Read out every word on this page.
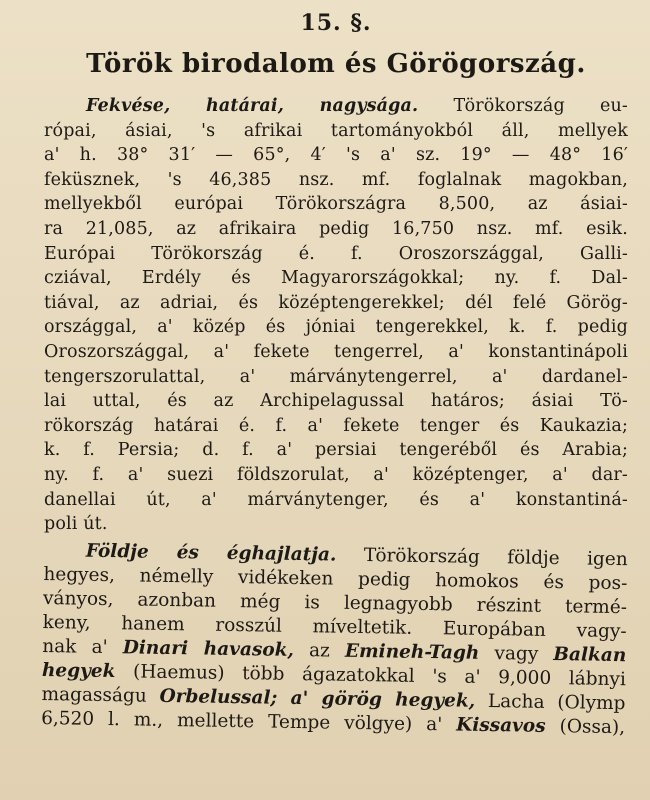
15. §.
Török birodalom és Görögország.
Fekvése, határai, nagysága. Törökország eu-
rópai, ásiai, 's afrikai tartományokból áll, mellyek
a' h. 38° 31′ — 65°, 4′ 's a' sz. 19° — 48° 16′
feküsznek, 's 46,385 nsz. mf. foglalnak magokban,
mellyekből európai Törökországra 8,500, az ásiai-
ra 21,085, az afrikaira pedig 16,750 nsz. mf. esik.
Európai Törökország é. f. Oroszországgal, Galli-
cziával, Erdély és Magyarországokkal; ny. f. Dal-
tiával, az adriai, és középtengerekkel; dél felé Görög-
országgal, a' közép és jóniai tengerekkel, k. f. pedig
Oroszországgal, a' fekete tengerrel, a' konstantinápoli
tengerszorulattal, a' márványtengerrel, a' dardanel-
lai uttal, és az Archipelagussal határos; ásiai Tö-
rökország határai é. f. a' fekete tenger és Kaukazia;
k. f. Persia; d. f. a' persiai tengeréből és Arabia;
ny. f. a' suezi földszorulat, a' középtenger, a' dar-
danellai út, a' márványtenger, és a' konstantiná-
poli út.
Földje és éghajlatja. Törökország földje igen
hegyes, némelly vidékeken pedig homokos és pos-
ványos, azonban még is legnagyobb részint termé-
keny, hanem rosszúl míveltetik. Europában vagy-
nak a' Dinari havasok, az Emineh-Tagh vagy Balkan
hegyek (Haemus) több ágazatokkal 's a' 9,000 lábnyi
magasságu Orbelussal; a' görög hegyek, Lacha (Olymp
6,520 l. m., mellette Tempe völgye) a' Kissavos (Ossa),
